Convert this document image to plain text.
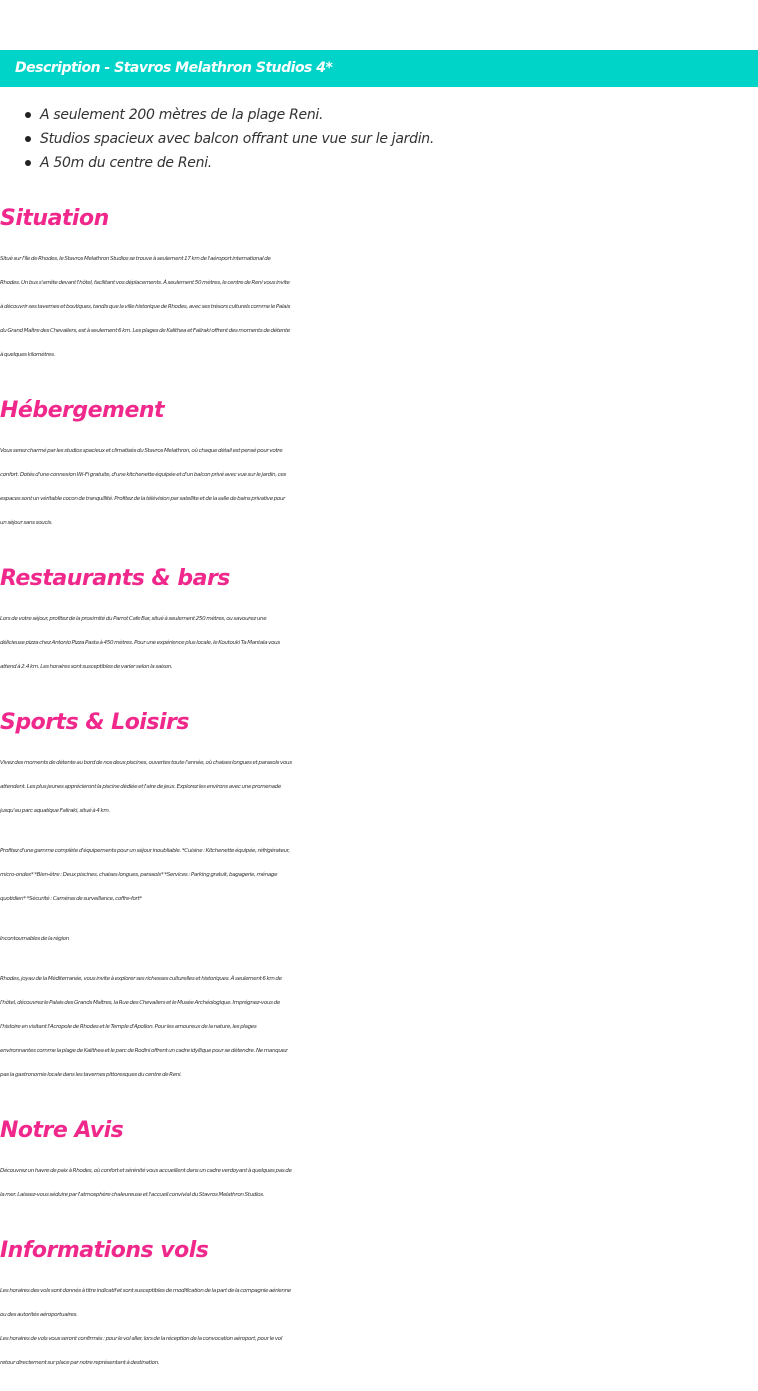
Description - Stavros Melathron Studios 4*
A seulement 200 mètres de la plage Reni.
Studios spacieux avec balcon offrant une vue sur le jardin.
A 50m du centre de Reni.
Situation
Situé sur l'île de Rhodes, le Stavros Melathron Studios se trouve à seulement 17 km de l'aéroport international de
Rhodes. Un bus s'arrête devant l'hôtel, facilitant vos déplacements. À seulement 50 mètres, le centre de Reni vous invite
à découvrir ses tavernes et boutiques, tandis que la ville historique de Rhodes, avec ses trésors culturels comme le Palais
du Grand Maître des Chevaliers, est à seulement 6 km. Les plages de Kalithea et Faliraki offrent des moments de détente
à quelques kilomètres.
Hébergement
Vous serez charmé par les studios spacieux et climatisés du Stavros Melathron, où chaque détail est pensé pour votre
confort. Dotés d'une connexion Wi-Fi gratuite, d'une kitchenette équipée et d'un balcon privé avec vue sur le jardin, ces
espaces sont un véritable cocon de tranquillité. Profitez de la télévision par satellite et de la salle de bains privative pour
un séjour sans soucis.
Restaurants & bars
Lors de votre séjour, profitez de la proximité du Parrot Cafe Bar, situé à seulement 250 mètres, ou savourez une
délicieuse pizza chez Antonio Pizza Pasta à 450 mètres. Pour une expérience plus locale, le Koutouki Ta Mantala vous
attend à 2.4 km. Les horaires sont susceptibles de varier selon la saison.
Sports & Loisirs
Vivez des moments de détente au bord de nos deux piscines, ouvertes toute l'année, où chaises longues et parasols vous
attendent. Les plus jeunes apprécieront la piscine dédiée et l'aire de jeux. Explorez les environs avec une promenade
jusqu'au parc aquatique Faliraki, situé à 4 km.
Profitez d'une gamme complète d'équipements pour un séjour inoubliable. *Cuisine : Kitchenette équipée, réfrigérateur,
micro-ondes* *Bien-être : Deux piscines, chaises longues, parasols* *Services : Parking gratuit, bagagerie, ménage
quotidien* *Sécurité : Caméras de surveillance, coffre-fort*
Incontournables de la région
Rhodes, joyau de la Méditerranée, vous invite à explorer ses richesses culturelles et historiques. À seulement 6 km de
l'hôtel, découvrez le Palais des Grands Maîtres, la Rue des Chevaliers et le Musée Archéologique. Imprégnez-vous de
l'histoire en visitant l'Acropole de Rhodes et le Temple d'Apollon. Pour les amoureux de la nature, les plages
environnantes comme la plage de Kalithea et le parc de Rodini offrent un cadre idyllique pour se détendre. Ne manquez
pas la gastronomie locale dans les tavernes pittoresques du centre de Reni.
Notre Avis
Découvrez un havre de paix à Rhodes, où confort et sérénité vous accueillent dans un cadre verdoyant à quelques pas de
la mer. Laissez-vous séduire par l'atmosphère chaleureuse et l'accueil convivial du Stavros Melathron Studios.
Informations vols
Les horaires des vols sont donnés à titre indicatif et sont susceptibles de modification de la part de la compagnie aérienne
ou des autorités aéroportuaires.
Les horaires de vols vous seront confirmés : pour le vol aller, lors de la réception de la convocation aéroport, pour le vol
retour directement sur place par notre représentant à destination.
